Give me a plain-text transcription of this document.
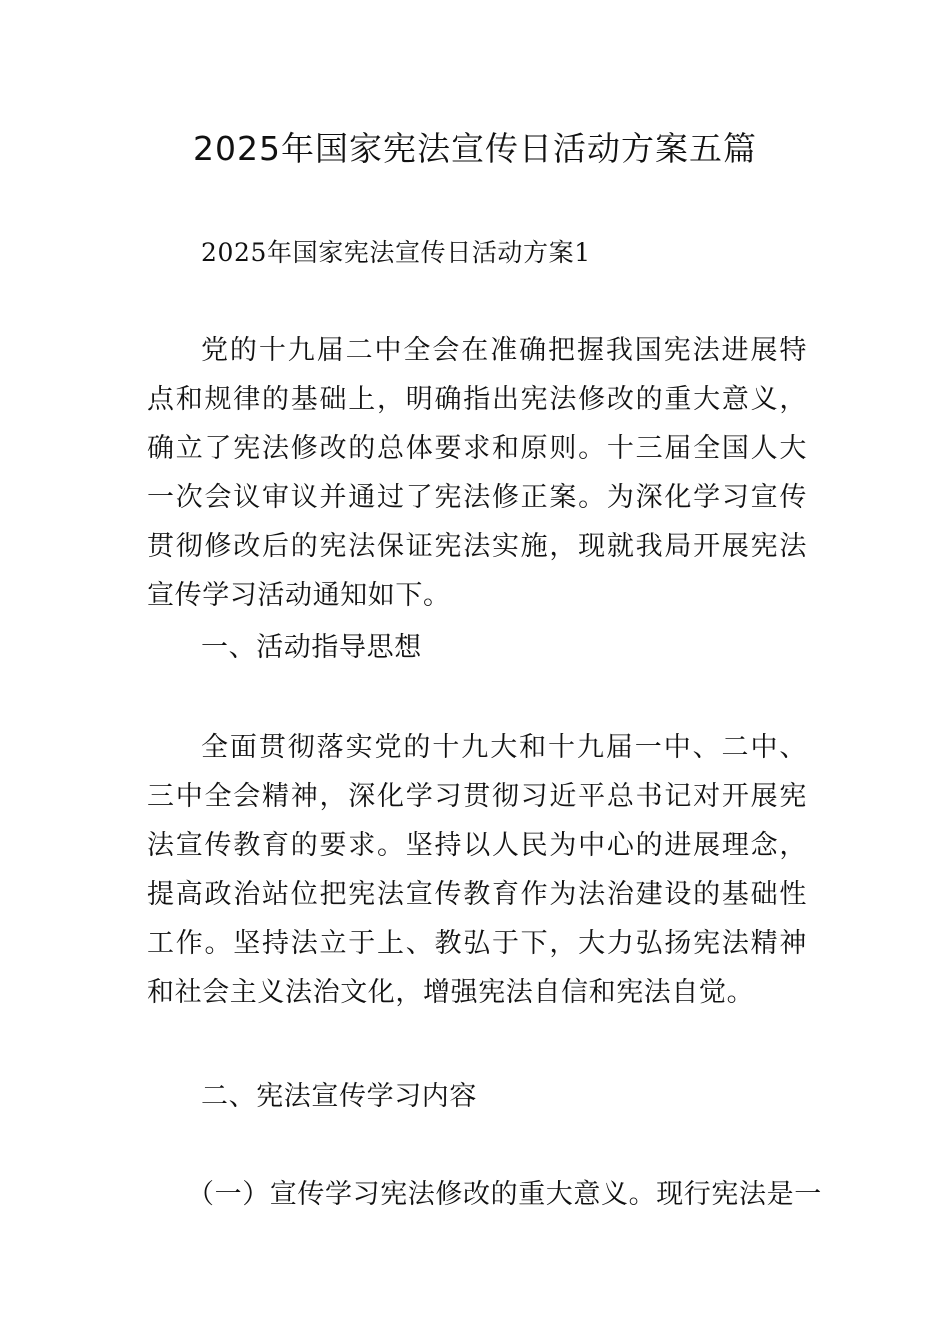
2025年国家宪法宣传日活动方案五篇

2025年国家宪法宣传日活动方案1

党的十九届二中全会在准确把握我国宪法进展特点和规律的基础上，明确指出宪法修改的重大意义，确立了宪法修改的总体要求和原则。十三届全国人大一次会议审议并通过了宪法修正案。为深化学习宣传贯彻修改后的宪法保证宪法实施，现就我局开展宪法宣传学习活动通知如下。

一、活动指导思想

全面贯彻落实党的十九大和十九届一中、二中、三中全会精神，深化学习贯彻习近平总书记对开展宪法宣传教育的要求。坚持以人民为中心的进展理念，提高政治站位把宪法宣传教育作为法治建设的基础性工作。坚持法立于上、教弘于下，大力弘扬宪法精神和社会主义法治文化，增强宪法自信和宪法自觉。

二、宪法宣传学习内容

（一）宣传学习宪法修改的重大意义。现行宪法是一
